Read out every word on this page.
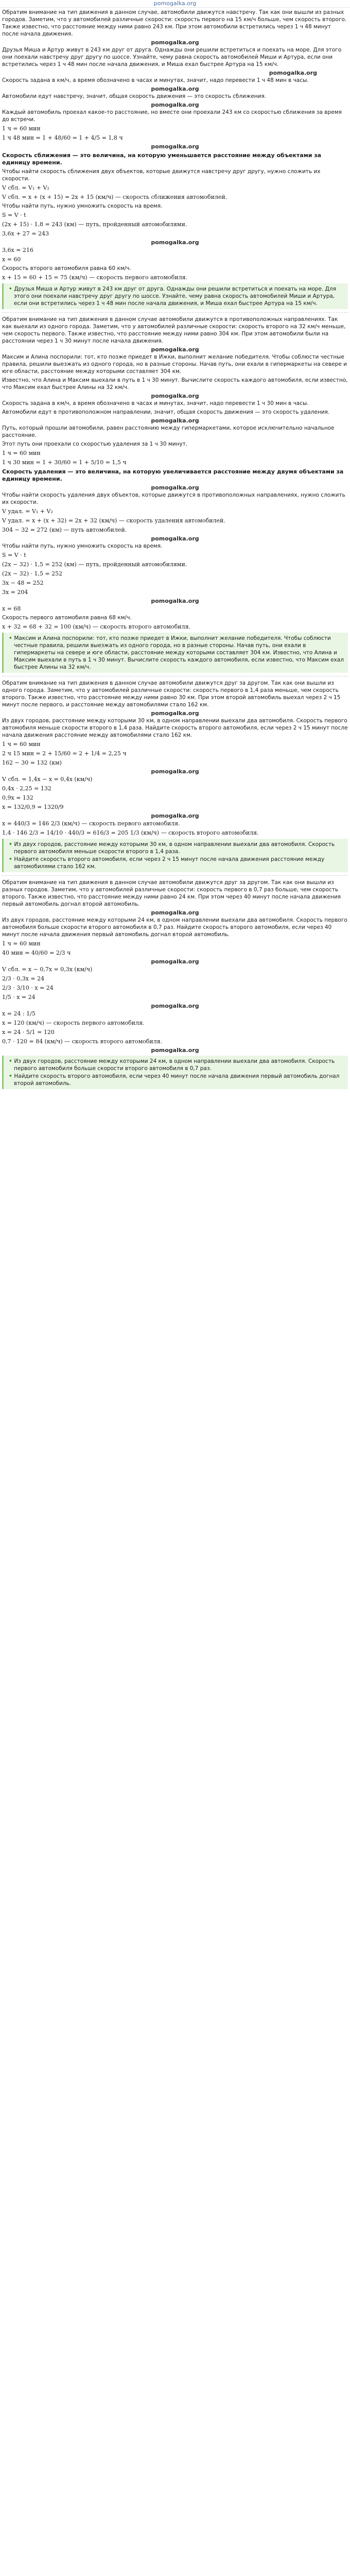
pomogalka.org
Обратим внимание на тип движения в данном случае, автомобили движутся навстречу. Так как они вышли из разных городов. Заметим, что у автомобилей различные скорости: скорость первого на 15 км/ч больше, чем скорость второго. Также известно, что расстояние между ними равно 243 км. При этом автомобили встретились через 1 ч 48 минут после начала движения.
pomogalka.org
Друзья Миша и Артур живут в 243 км друг от друга. Однажды они решили встретиться и поехать на море. Для этого они поехали навстречу друг другу по шоссе. Узнайте, чему равна скорость автомобилей Миши и Артура, если они встретились через 1 ч 48 мин после начала движения, и Миша ехал быстрее Артура на 15 км/ч.
pomogalka.org
Скорость задана в км/ч, а время обозначено в часах и минутах, значит, надо перевести 1 ч 48 мин в часы.
pomogalka.org
Автомобили едут навстречу, значит, общая скорость движения — это скорость сближения.
pomogalka.org
Каждый автомобиль проехал какое-то расстояние, но вместе они проехали 243 км со скоростью сближения за время до встречи.
1 ч = 60 мин
1 ч 48 мин = 1 + 48/60 = 1 + 4/5 = 1,8 ч
pomogalka.org
Скорость сближения — это величина, на которую уменьшается расстояние между объектами за единицу времени.
Чтобы найти скорость сближения двух объектов, которые движутся навстречу друг другу, нужно сложить их скорости.
V сбл. = V₁ + V₂
V сбл. = x + (x + 15) = 2x + 15 (км/ч) — скорость сближения автомобилей.
Чтобы найти путь, нужно умножить скорость на время.
S = V · t
(2x + 15) · 1,8 = 243 (км) — путь, пройденный автомобилями.
3,6x + 27 = 243
pomogalka.org
3,6x = 216
x = 60
Скорость второго автомобиля равна 60 км/ч.
x + 15 = 60 + 15 = 75 (км/ч) — скорость первого автомобиля.
• Друзья Миша и Артур живут в 243 км друг от друга. Однажды они решили встретиться и поехать на море. Для этого они поехали навстречу друг другу по шоссе. Узнайте, чему равна скорость автомобилей Миши и Артура, если они встретились через 1 ч 48 мин после начала движения, и Миша ехал быстрее Артура на 15 км/ч.
Обратим внимание на тип движения в данном случае автомобили движутся в противоположных направлениях. Так как выехали из одного города. Заметим, что у автомобилей различные скорости: скорость второго на 32 км/ч меньше, чем скорость первого. Также известно, что расстояние между ними равно 304 км. При этом автомобили были на расстоянии через 1 ч 30 минут после начала движения.
pomogalka.org
Максим и Алина поспорили: тот, кто позже приедет в Ижки, выполнит желание победителя. Чтобы соблюсти честные правила, решили выезжать из одного города, но в разные стороны. Начав путь, они ехали в гипермаркеты на севере и юге области, расстояние между которыми составляет 304 км.
Известно, что Алина и Максим выехали в путь в 1 ч 30 минут. Вычислите скорость каждого автомобиля, если известно, что Максим ехал быстрее Алины на 32 км/ч.
pomogalka.org
Скорость задана в км/ч, а время обозначено в часах и минутах, значит, надо перевести 1 ч 30 мин в часы.
Автомобили едут в противоположном направлении, значит, общая скорость движения — это скорость удаления.
pomogalka.org
Путь, который прошли автомобили, равен расстоянию между гипермаркетами, которое исключительно начальное расстояние.
Этот путь они проехали со скоростью удаления за 1 ч 30 минут.
1 ч = 60 мин
1 ч 30 мин = 1 + 30/60 = 1 + 5/10 = 1,5 ч
Скорость удаления — это величина, на которую увеличивается расстояние между двумя объектами за единицу времени.
pomogalka.org
Чтобы найти скорость удаления двух объектов, которые движутся в противоположных направлениях, нужно сложить их скорости.
V удал. = V₁ + V₂
V удал. = x + (x + 32) = 2x + 32 (км/ч) — скорость удаления автомобилей.
304 − 32 = 272 (км) — путь автомобилей.
pomogalka.org
Чтобы найти путь, нужно умножить скорость на время.
S = V · t
(2x − 32) · 1,5 = 252 (км) — путь, пройденный автомобилями.
(2x − 32) · 1,5 = 252
3x − 48 = 252
3x = 204
pomogalka.org
x = 68
Скорость первого автомобиля равна 68 км/ч.
x + 32 = 68 + 32 = 100 (км/ч) — скорость второго автомобиля.
• Максим и Алина поспорили: тот, кто позже приедет в Ижки, выполнит желание победителя. Чтобы соблюсти честные правила, решили выезжать из одного города, но в разные стороны. Начав путь, они ехали в гипермаркеты на севере и юге области, расстояние между которыми составляет 304 км. Известно, что Алина и Максим выехали в путь в 1 ч 30 минут. Вычислите скорость каждого автомобиля, если известно, что Максим ехал быстрее Алины на 32 км/ч.
Обратим внимание на тип движения в данном случае автомобили движутся друг за другом. Так как они вышли из одного города. Заметим, что у автомобилей различные скорости: скорость первого в 1,4 раза меньше, чем скорость второго. Также известно, что расстояние между ними равно 30 км. При этом второй автомобиль выехал через 2 ч 15 минут после первого, и расстояние между автомобилями стало 162 км.
pomogalka.org
Из двух городов, расстояние между которыми 30 км, в одном направлении выехали два автомобиля. Скорость первого автомобиля меньше скорости второго в 1,4 раза. Найдите скорость второго автомобиля, если через 2 ч 15 минут после начала движения расстояние между автомобилями стало 162 км.
1 ч = 60 мин
2 ч 15 мин = 2 + 15/60 = 2 + 1/4 = 2,25 ч
162 − 30 = 132 (км)
pomogalka.org
V сбл. = 1,4x − x = 0,4x (км/ч)
0,4x · 2,25 = 132
0,9x = 132
x = 132/0,9 = 1320/9
pomogalka.org
x = 440/3 = 146 2/3 (км/ч) — скорость первого автомобиля.
1,4 · 146 2/3 = 14/10 · 440/3 = 616/3 = 205 1/3 (км/ч) — скорость второго автомобиля.
• Из двух городов, расстояние между которыми 30 км, в одном направлении выехали два автомобиля. Скорость первого автомобиля меньше скорости второго в 1,4 раза.
• Найдите скорость второго автомобиля, если через 2 ч 15 минут после начала движения расстояние между автомобилями стало 162 км.
Обратим внимание на тип движения в данном случае автомобили движутся друг за другом. Так как они вышли из разных городов. Заметим, что у автомобилей различные скорости: скорость первого в 0,7 раз больше, чем скорость второго. Также известно, что расстояние между ними равно 24 км. При этом через 40 минут после начала движения первый автомобиль догнал второй автомобиль.
pomogalka.org
Из двух городов, расстояние между которыми 24 км, в одном направлении выехали два автомобиля. Скорость первого автомобиля больше скорости второго автомобиля в 0,7 раз. Найдите скорость второго автомобиля, если через 40 минут после начала движения первый автомобиль догнал второй автомобиль.
1 ч = 60 мин
40 мин = 40/60 = 2/3 ч
pomogalka.org
V сбл. = x − 0,7x = 0,3x (км/ч)
2/3 · 0,3x = 24
2/3 · 3/10 · x = 24
1/5 · x = 24
pomogalka.org
x = 24 : 1/5
x = 120 (км/ч) — скорость первого автомобиля.
x = 24 · 5/1 = 120
0,7 · 120 = 84 (км/ч) — скорость второго автомобиля.
pomogalka.org
• Из двух городов, расстояние между которыми 24 км, в одном направлении выехали два автомобиля. Скорость первого автомобиля больше скорости второго автомобиля в 0,7 раз.
• Найдите скорость второго автомобиля, если через 40 минут после начала движения первый автомобиль догнал второй автомобиль.
